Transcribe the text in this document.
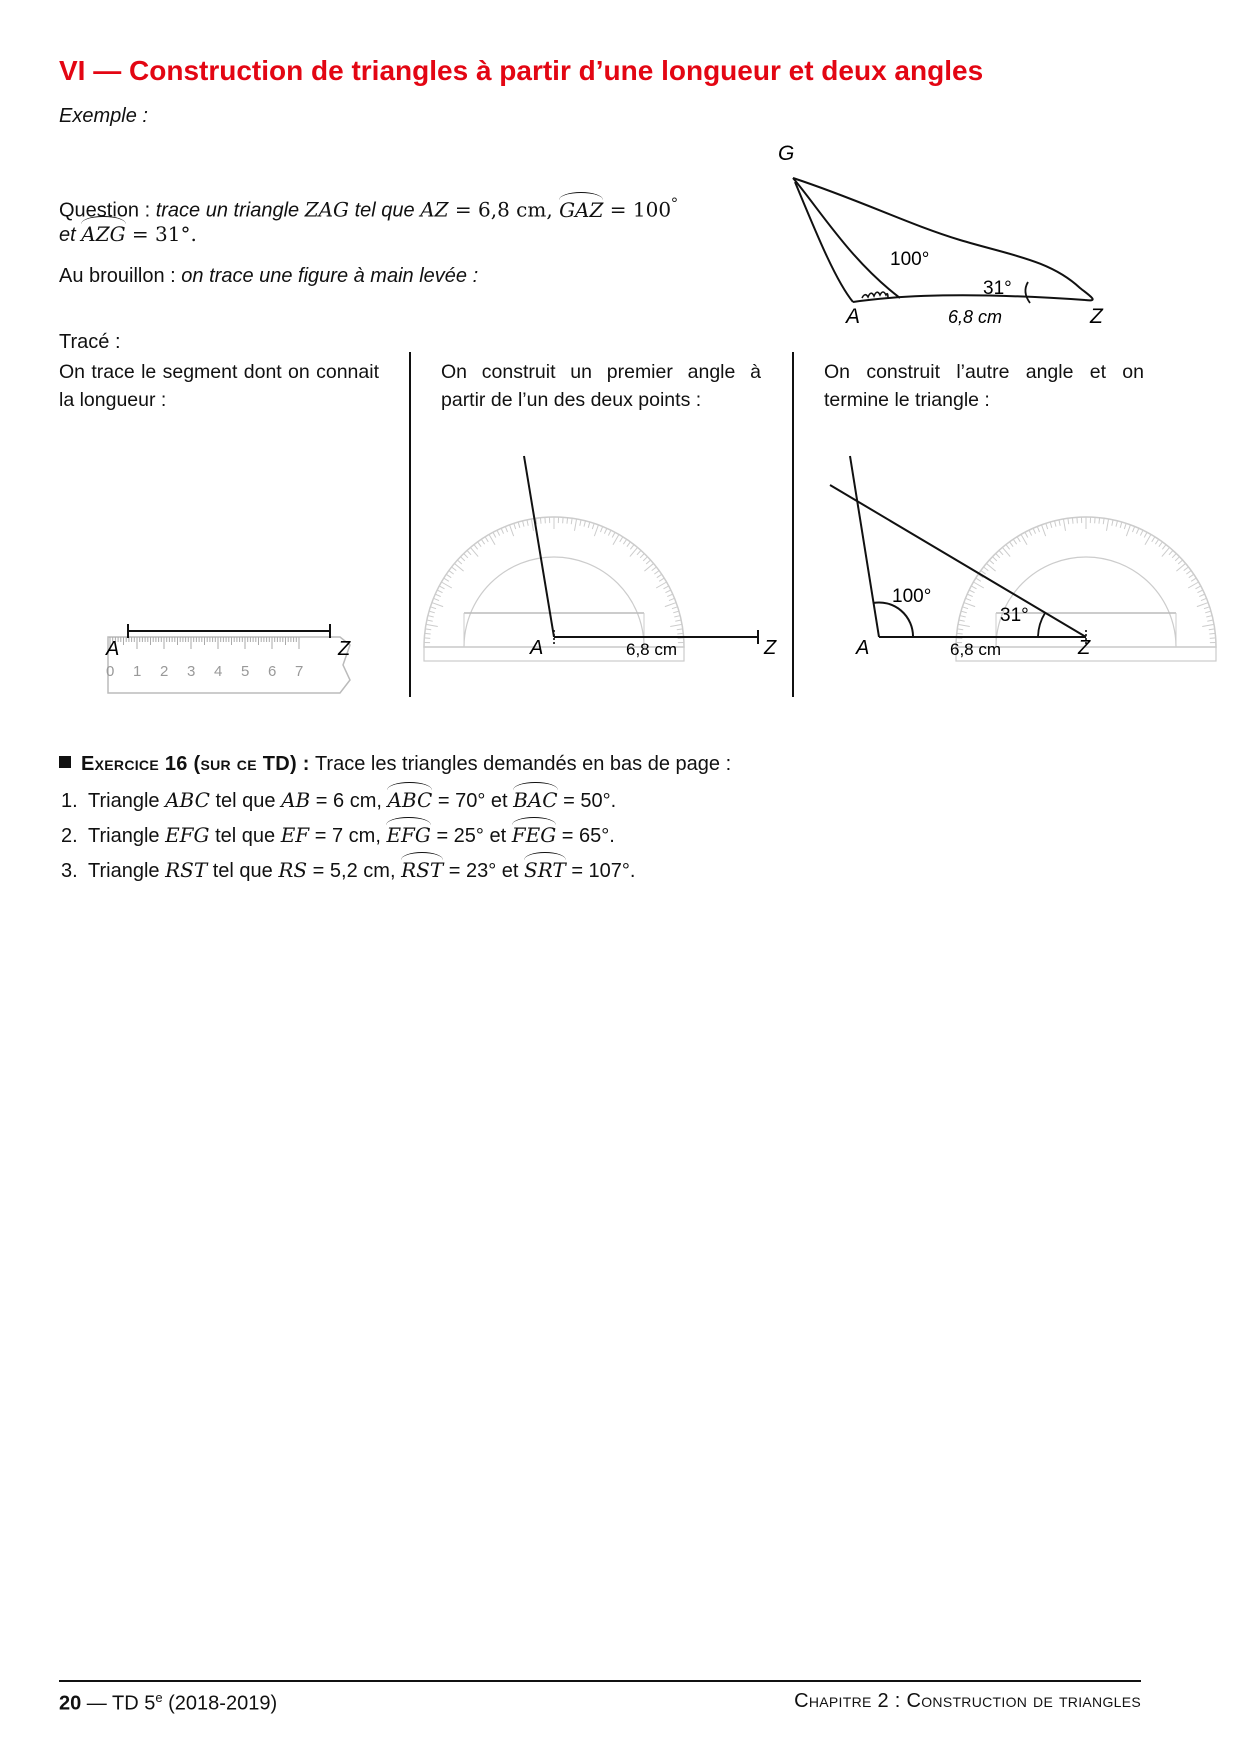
VI — Construction de triangles à partir d’une longueur et deux angles
Exemple :
Question : trace un triangle ZAG tel que AZ = 6,8 cm, GAZ = 100°
et AZG = 31°.
Au brouillon : on trace une figure à main levée :
G
A	Z
100°
31°
6,8 cm
Tracé :
On trace le segment dont on connait la longueur :
On construit un premier angle à partir de l’un des deux points :
On construit l’autre angle et on termine le triangle :
A	Z
0 1 2 3 4 5 6 7
A	Z
6,8 cm	A	Z
6,8 cm
100°
31°
Exercice 16 (sur ce TD) : Trace les triangles demandés en bas de page :
1. Triangle ABC tel que AB = 6 cm, ABC = 70° et BAC = 50°.
2. Triangle EFG tel que EF = 7 cm, EFG = 25° et FEG = 65°.
3. Triangle RST tel que RS = 5,2 cm, RST = 23° et SRT = 107°.
20 — TD 5e (2018-2019)	Chapitre 2 : Construction de triangles
